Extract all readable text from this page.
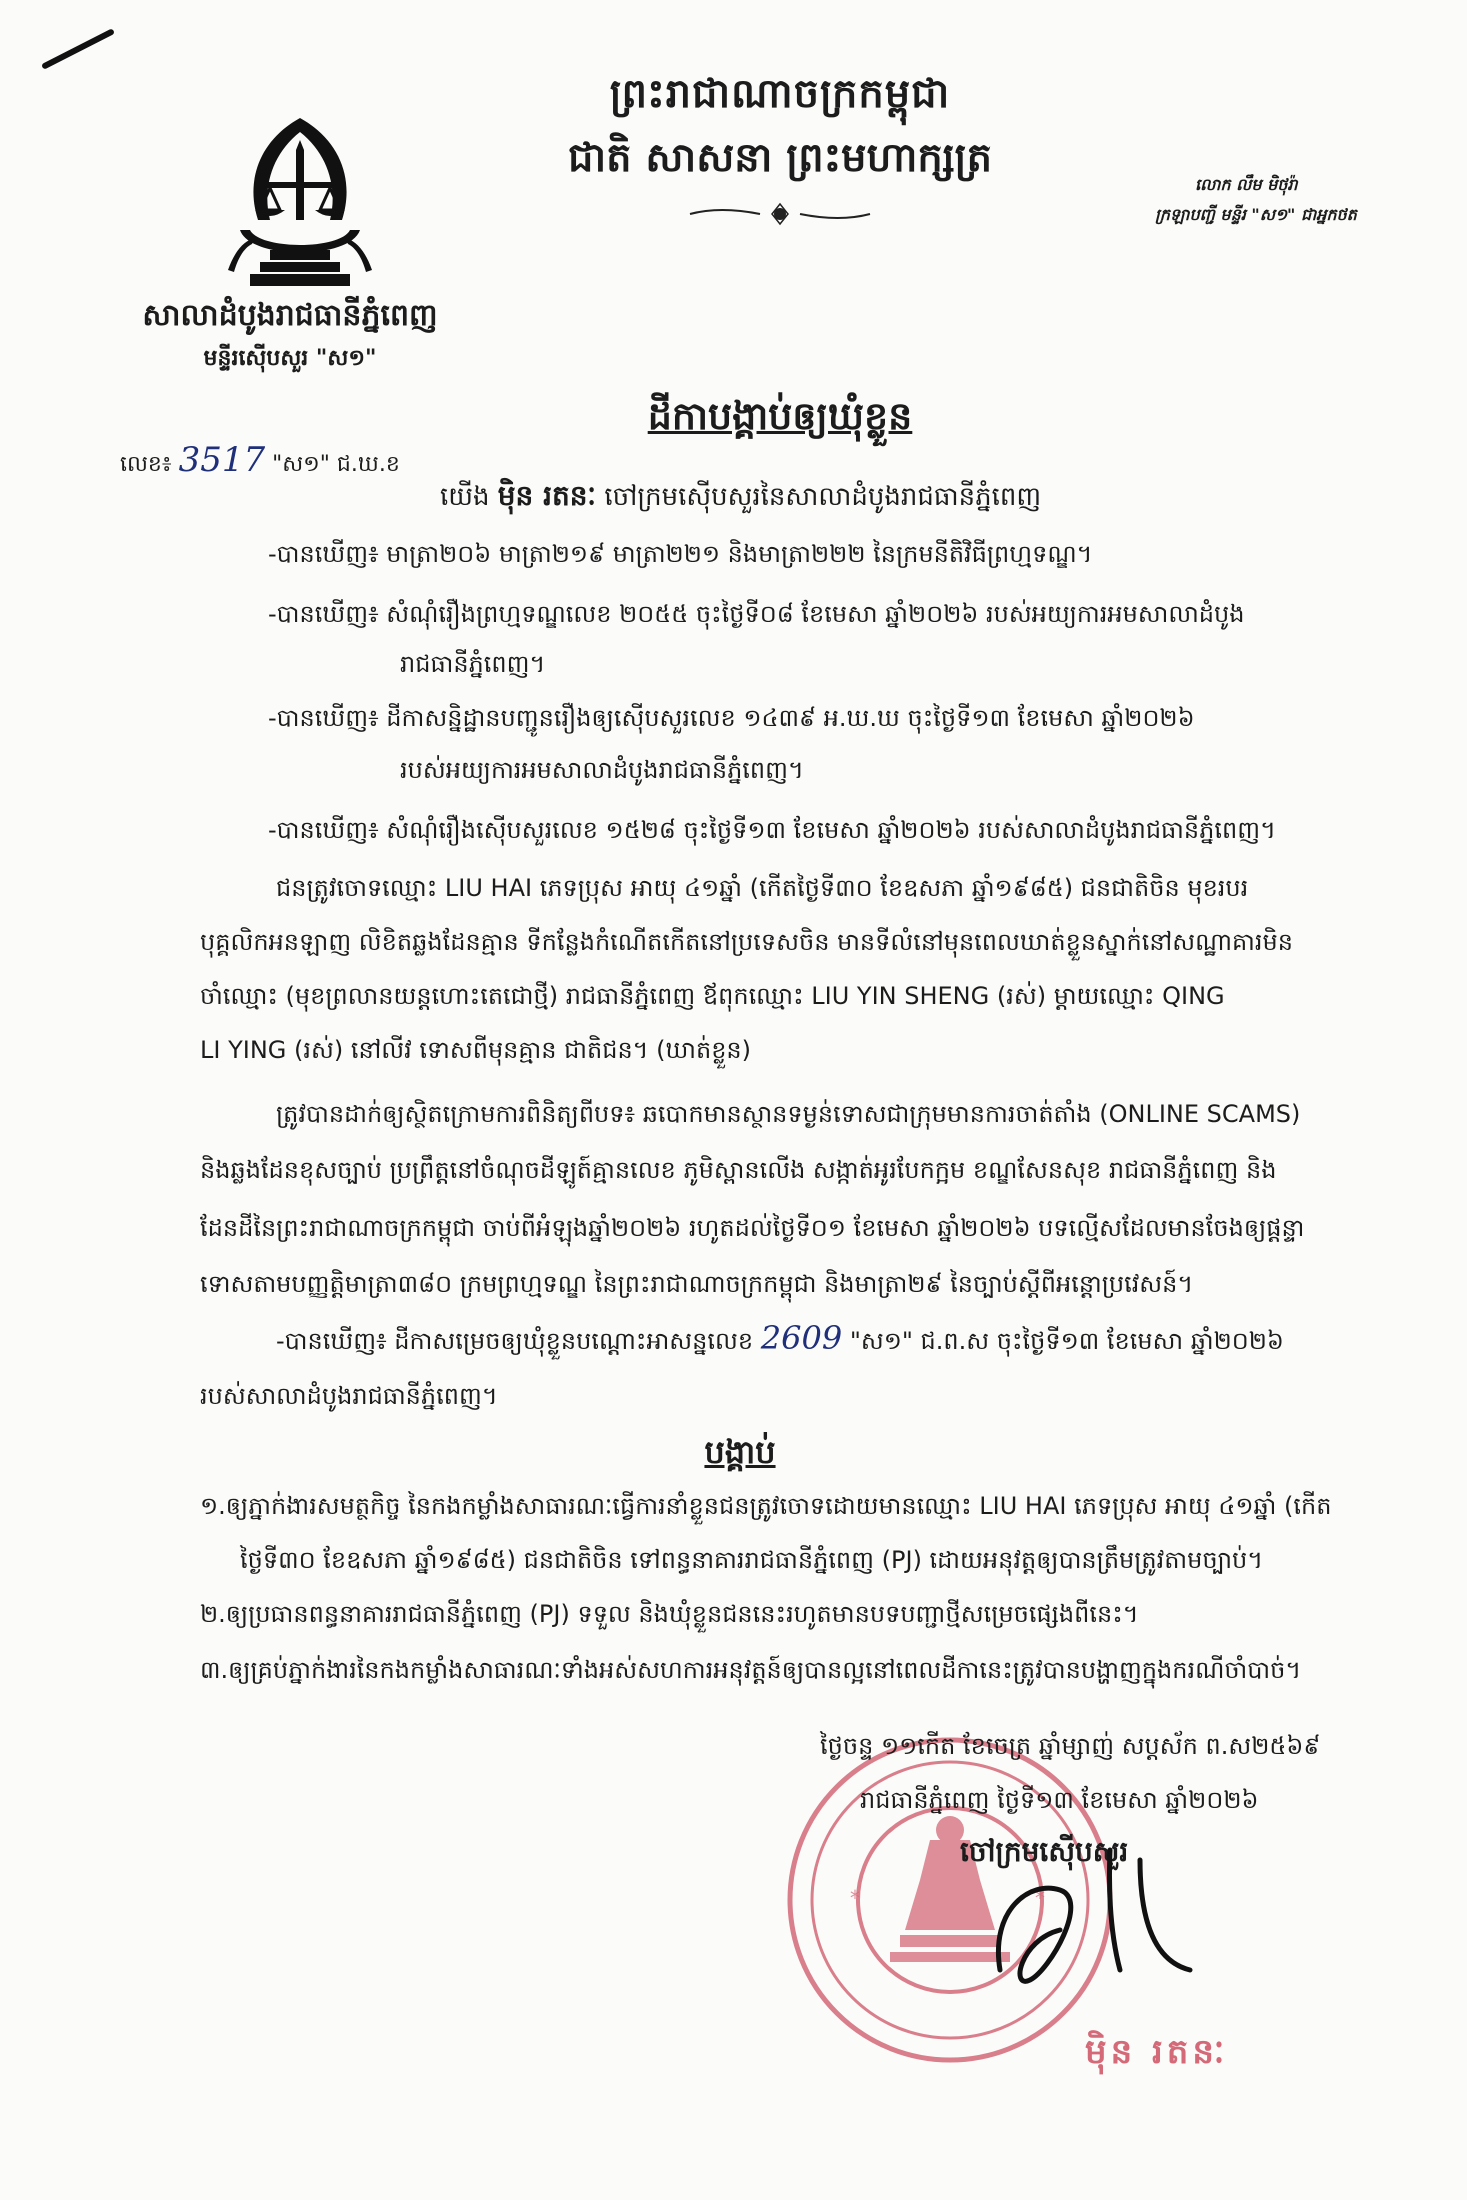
ព្រះរាជាណាចក្រកម្ពុជា
ជាតិ សាសនា ព្រះមហាក្សត្រ
លោក លឹម មិថុរ៉ា
ក្រឡាបញ្ជី មន្ទីរ "ស១" ជាអ្នកថត
សាលាដំបូងរាជធានីភ្នំពេញ
មន្ទីរស៊ើបសួរ "ស១"
ដីកាបង្គាប់ឲ្យឃុំខ្លួន
លេខ៖ 3517 "ស១" ជ.ឃ.ខ
យើង ម៉ិន រតនៈ ចៅក្រមស៊ើបសួរនៃសាលាដំបូងរាជធានីភ្នំពេញ
-បានឃើញ៖ មាត្រា២០៦ មាត្រា២១៩ មាត្រា២២១ និងមាត្រា២២២ នៃក្រមនីតិវិធីព្រហ្មទណ្ឌ។
-បានឃើញ៖ សំណុំរឿងព្រហ្មទណ្ឌលេខ ២០៥៥ ចុះថ្ងៃទី០៨ ខែមេសា ឆ្នាំ២០២៦ របស់អយ្យការអមសាលាដំបូង
រាជធានីភ្នំពេញ។
-បានឃើញ៖ ដីកាសន្និដ្ឋានបញ្ជូនរឿងឲ្យស៊ើបសួរលេខ ១៤៣៩ អ.ឃ.ឃ ចុះថ្ងៃទី១៣ ខែមេសា ឆ្នាំ២០២៦
របស់អយ្យការអមសាលាដំបូងរាជធានីភ្នំពេញ។
-បានឃើញ៖ សំណុំរឿងស៊ើបសួរលេខ ១៥២៨ ចុះថ្ងៃទី១៣ ខែមេសា ឆ្នាំ២០២៦ របស់សាលាដំបូងរាជធានីភ្នំពេញ។
ជនត្រូវចោទឈ្មោះ LIU HAI ភេទប្រុស អាយុ ៤១ឆ្នាំ (កើតថ្ងៃទី៣០ ខែឧសភា ឆ្នាំ១៩៨៥) ជនជាតិចិន មុខរបរ
បុគ្គលិកអនឡាញ លិខិតឆ្លងដែនគ្មាន ទីកន្លែងកំណើតកើតនៅប្រទេសចិន មានទីលំនៅមុនពេលឃាត់ខ្លួនស្នាក់នៅសណ្ឋាគារមិន
ចាំឈ្មោះ (មុខព្រលានយន្តហោះតេជោថ្មី) រាជធានីភ្នំពេញ ឪពុកឈ្មោះ LIU YIN SHENG (រស់) ម្ដាយឈ្មោះ QING
LI YING (រស់) នៅលីវ ទោសពីមុនគ្មាន ជាតិជន។ (ឃាត់ខ្លួន)
ត្រូវបានដាក់ឲ្យស្ថិតក្រោមការពិនិត្យពីបទ៖ ឆបោកមានស្ថានទម្ងន់ទោសជាក្រុមមានការចាត់តាំង (ONLINE SCAMS)
និងឆ្លងដែនខុសច្បាប់ ប្រព្រឹត្តនៅចំណុចដីឡូត៍គ្មានលេខ ភូមិស្ពានលើង សង្កាត់អូរបែកក្អម ខណ្ឌសែនសុខ រាជធានីភ្នំពេញ និង
ដែនដីនៃព្រះរាជាណាចក្រកម្ពុជា ចាប់ពីអំឡុងឆ្នាំ២០២៦ រហូតដល់ថ្ងៃទី០១ ខែមេសា ឆ្នាំ២០២៦ បទល្មើសដែលមានចែងឲ្យផ្ដន្ទា
ទោសតាមបញ្ញត្តិមាត្រា៣៨០ ក្រមព្រហ្មទណ្ឌ នៃព្រះរាជាណាចក្រកម្ពុជា និងមាត្រា២៩ នៃច្បាប់ស្ដីពីអន្តោប្រវេសន៍។
-បានឃើញ៖ ដីកាសម្រេចឲ្យឃុំខ្លួនបណ្ដោះអាសន្នលេខ 2609 "ស១" ជ.ព.ស ចុះថ្ងៃទី១៣ ខែមេសា ឆ្នាំ២០២៦
របស់សាលាដំបូងរាជធានីភ្នំពេញ។
បង្គាប់
១.ឲ្យភ្នាក់ងារសមត្ថកិច្ច នៃកងកម្លាំងសាធារណៈធ្វើការនាំខ្លួនជនត្រូវចោទដោយមានឈ្មោះ LIU HAI ភេទប្រុស អាយុ ៤១ឆ្នាំ (កើត
ថ្ងៃទី៣០ ខែឧសភា ឆ្នាំ១៩៨៥) ជនជាតិចិន ទៅពន្ធនាគាររាជធានីភ្នំពេញ (PJ) ដោយអនុវត្តឲ្យបានត្រឹមត្រូវតាមច្បាប់។
២.ឲ្យប្រធានពន្ធនាគាររាជធានីភ្នំពេញ (PJ) ទទួល និងឃុំខ្លួនជននេះរហូតមានបទបញ្ជាថ្មីសម្រេចផ្សេងពីនេះ។
៣.ឲ្យគ្រប់ភ្នាក់ងារនៃកងកម្លាំងសាធារណៈទាំងអស់សហការអនុវត្តន៍ឲ្យបានល្អនៅពេលដីកានេះត្រូវបានបង្ហាញក្នុងករណីចាំបាច់។
*	*
ថ្ងៃចន្ទ ១១កើត ខែចេត្រ ឆ្នាំម្សាញ់ សប្តស័ក ព.ស២៥៦៩
រាជធានីភ្នំពេញ ថ្ងៃទី១៣ ខែមេសា ឆ្នាំ២០២៦
ចៅក្រមស៊ើបសួរ
ម៉ិន រតនៈ
